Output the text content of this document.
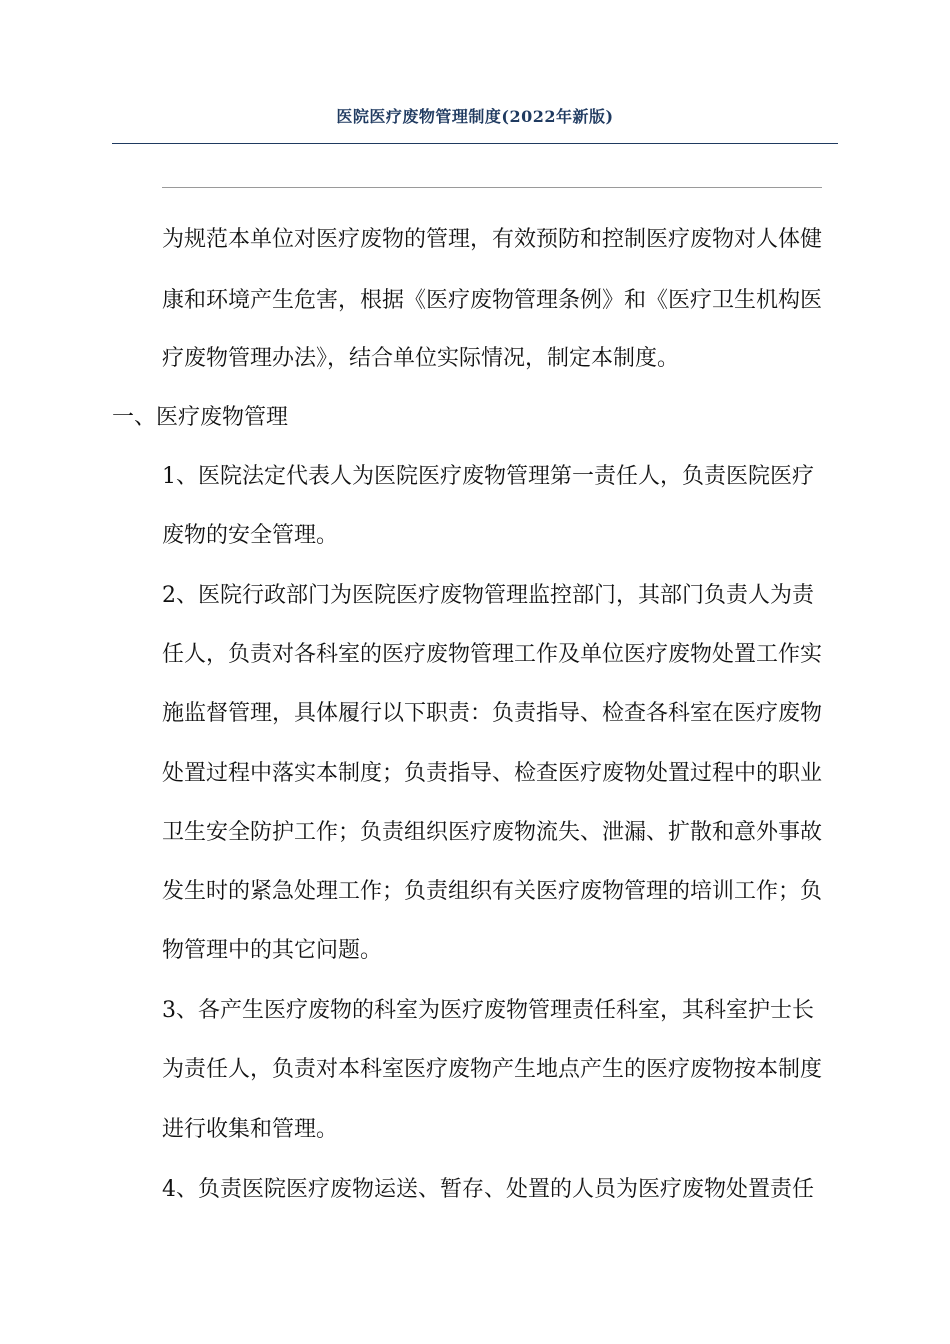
医院医疗废物管理制度(2022年新版)

为规范本单位对医疗废物的管理，有效预防和控制医疗废物对人体健

康和环境产生危害，根据《医疗废物管理条例》和《医疗卫生机构医

疗废物管理办法》，结合单位实际情况，制定本制度。

一、医疗废物管理

1、医院法定代表人为医院医疗废物管理第一责任人，负责医院医疗

废物的安全管理。

2、医院行政部门为医院医疗废物管理监控部门，其部门负责人为责

任人，负责对各科室的医疗废物管理工作及单位医疗废物处置工作实

施监督管理，具体履行以下职责：负责指导、检查各科室在医疗废物

处置过程中落实本制度；负责指导、检查医疗废物处置过程中的职业

卫生安全防护工作；负责组织医疗废物流失、泄漏、扩散和意外事故

发生时的紧急处理工作；负责组织有关医疗废物管理的培训工作；负

物管理中的其它问题。

3、各产生医疗废物的科室为医疗废物管理责任科室，其科室护士长

为责任人，负责对本科室医疗废物产生地点产生的医疗废物按本制度

进行收集和管理。

4、负责医院医疗废物运送、暂存、处置的人员为医疗废物处置责任
